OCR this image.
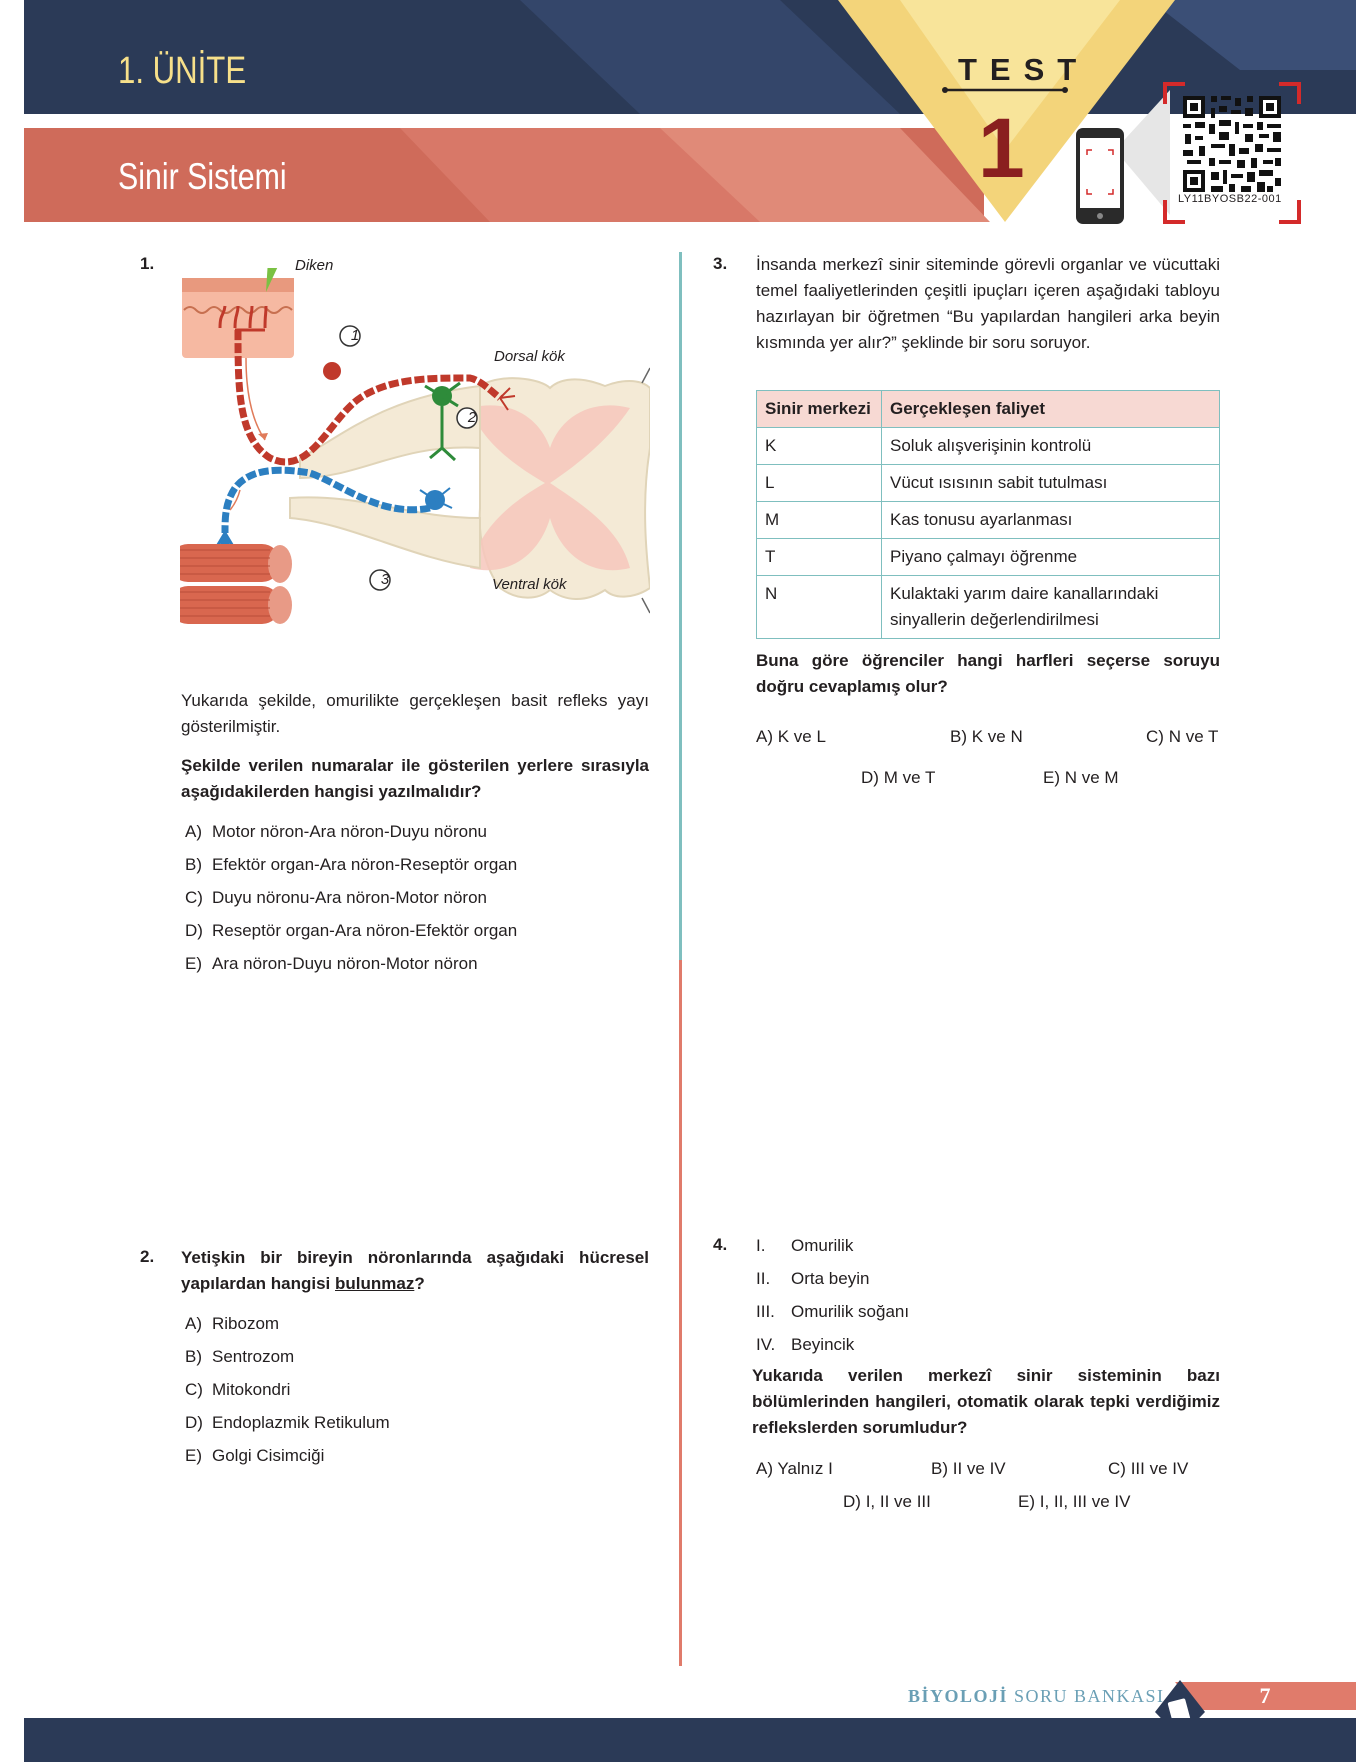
1. ÜNİTE
Sinir Sistemi
TEST
1
LY11BYOSB22-001
1.	Diken
Dorsal kök
Ventral kök
1
2
3
Yukarıda şekilde, omurilikte gerçekleşen basit refleks yayı gösterilmiştir.
Şekilde verilen numaralar ile gösterilen yerlere sırasıyla aşağıdakilerden hangisi yazılmalıdır?
A) Motor nöron-Ara nöron-Duyu nöronu
B) Efektör organ-Ara nöron-Reseptör organ
C) Duyu nöronu-Ara nöron-Motor nöron
D) Reseptör organ-Ara nöron-Efektör organ
E) Ara nöron-Duyu nöron-Motor nöron
2. Yetişkin bir bireyin nöronlarında aşağıdaki hücresel yapılardan hangisi bulunmaz?
A) Ribozom
B) Sentrozom
C) Mitokondri
D) Endoplazmik Retikulum
E) Golgi Cisimciği
3. İnsanda merkezî sinir siteminde görevli organlar ve vücuttaki temel faaliyetlerinden çeşitli ipuçları içeren aşağıdaki tabloyu hazırlayan bir öğretmen “Bu yapılardan hangileri arka beyin kısmında yer alır?” şeklinde bir soru soruyor.
Sinir merkezi	Gerçekleşen faliyet
K	Soluk alışverişinin kontrolü
L	Vücut ısısının sabit tutulması
M	Kas tonusu ayarlanması
T	Piyano çalmayı öğrenme
N	Kulaktaki yarım daire kanallarındaki sinyallerin değerlendirilmesi
Buna göre öğrenciler hangi harfleri seçerse soruyu doğru cevaplamış olur?
A) K ve L	B) K ve N	C) N ve T
D) M ve T	E) N ve M
4. I. Omurilik
II. Orta beyin
III. Omurilik soğanı
IV. Beyincik
Yukarıda verilen merkezî sinir sisteminin bazı bölümlerinden hangileri, otomatik olarak tepki verdiğimiz reflekslerden sorumludur?
A) Yalnız I	B) II ve IV	C) III ve IV
D) I, II ve III	E) I, II, III ve IV
BİYOLOJİ SORU BANKASI	7
